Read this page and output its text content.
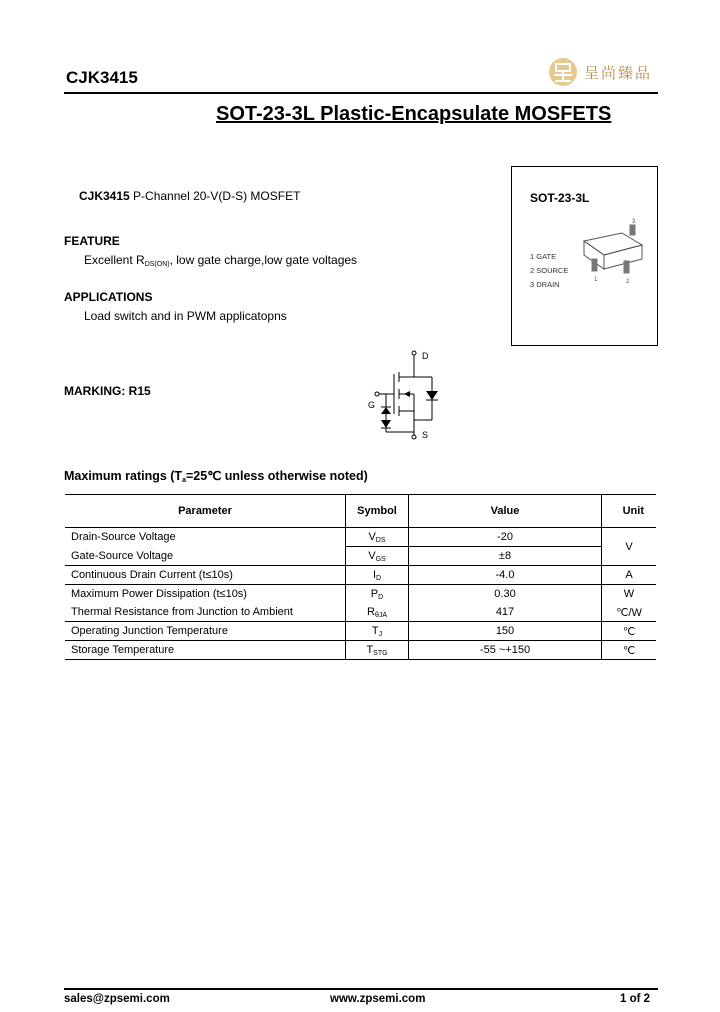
CJK3415	呈尚臻品
SOT-23-3L Plastic-Encapsulate MOSFETS
CJK3415 P-Channel 20-V(D-S) MOSFET
FEATURE
Excellent $R_{DS(ON)}$, low gate charge,low gate voltages
APPLICATIONS
Load switch and in PWM applicatopns
MARKING: R15
D
G
S
SOT-23-3L
3
1	2
1 GATE
2 SOURCE
3 DRAIN
Maximum ratings ($T_a=25℃$ unless otherwise noted)
Parameter	Symbol	Value	Unit
Drain-Source Voltage	$V_{DS}$	-20	V
Gate-Source Voltage	$V_{GS}$	±8	
Continuous Drain Current (t≤10s)	$I_D$	-4.0	A
Maximum Power Dissipation (t≤10s)	$P_D$	0.30	W
Thermal Resistance from Junction to Ambient	$R_{\theta JA}$	417	℃/W
Operating Junction Temperature	$T_J$	150	℃
Storage Temperature	$T_{STG}$	-55 ~+150	℃
sales@zpsemi.com	www.zpsemi.com	1 of 2
